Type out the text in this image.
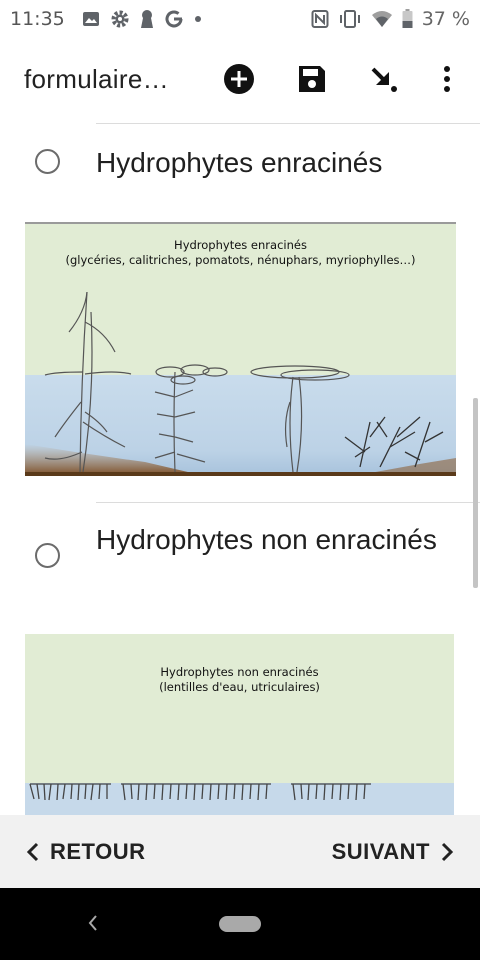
11:35	37 %
formulaire…
Hydrophytes enracinés
Hydrophytes enracinés
(glycéries, calitriches, pomatots, nénuphars, myriophylles…)
Hydrophytes non enracinés
Hydrophytes non enracinés
(lentilles d'eau, utriculaires)
RETOUR	SUIVANT
